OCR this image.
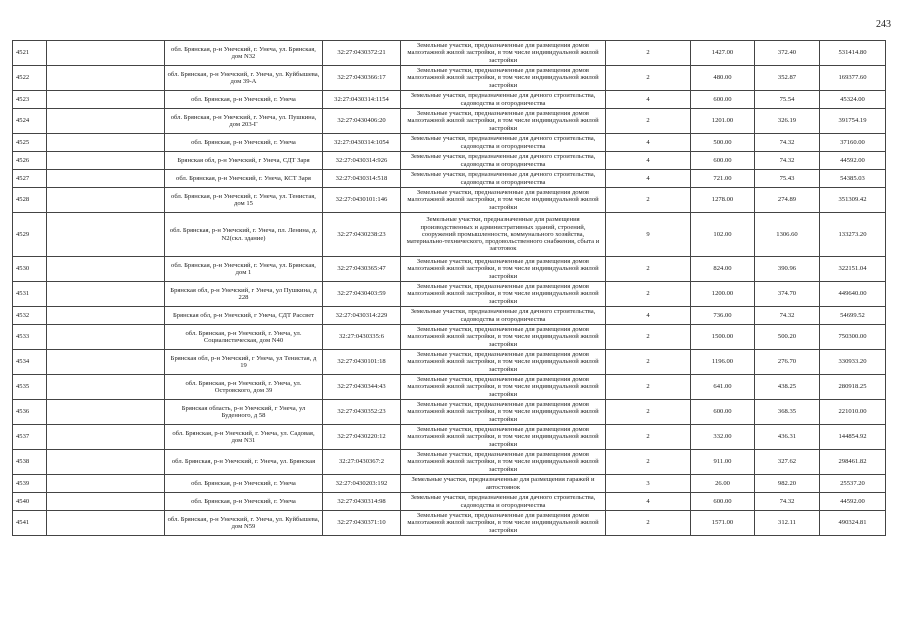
243
4521		обл. Брянская, р-н Унечский, г. Унеча, ул. Брянская, дом N32	32:27:0430372:21	Земельные участки, предназначенные для размещения домов малоэтажной жилой застройки, в том числе индивидуальной жилой застройки	2	1427.00	372.40	531414.80
4522		обл. Брянская, р-н Унечский, г. Унеча, ул. Куйбышева, дом 39-А	32:27:0430366:17	Земельные участки, предназначенные для размещения домов малоэтажной жилой застройки, в том числе индивидуальной жилой застройки	2	480.00	352.87	169377.60
4523		обл. Брянская, р-н Унечский, г. Унеча	32:27:0430314:1154	Земельные участки, предназначенные для дачного строительства, садоводства и огородничества	4	600.00	75.54	45324.00
4524		обл. Брянская, р-н Унечский, г. Унеча, ул. Пушкина, дом 203-Г	32:27:0430406:20	Земельные участки, предназначенные для размещения домов малоэтажной жилой застройки, в том числе индивидуальной жилой застройки	2	1201.00	326.19	391754.19
4525		обл. Брянская, р-н Унечский, г. Унеча	32:27:0430314:1054	Земельные участки, предназначенные для дачного строительства, садоводства и огородничества	4	500.00	74.32	37160.00
4526		Брянская обл, р-н Унечский, г Унеча, СДТ Заря	32:27:0430314:926	Земельные участки, предназначенные для дачного строительства, садоводства и огородничества	4	600.00	74.32	44592.00
4527		обл. Брянская, р-н Унечский, г. Унеча, КСТ Заря	32:27:0430314:518	Земельные участки, предназначенные для дачного строительства, садоводства и огородничества	4	721.00	75.43	54385.03
4528		обл. Брянская, р-н Унечский, г. Унеча, ул. Тенистая, дом 15	32:27:0430101:146	Земельные участки, предназначенные для размещения домов малоэтажной жилой застройки, в том числе индивидуальной жилой застройки	2	1278.00	274.89	351309.42
4529		обл. Брянская, р-н Унечский, г. Унеча, пл. Ленина, д. N2(скл. здание)	32:27:0430238:23	Земельные участки, предназначенные для размещения производственных и административных зданий, строений, сооружений промышленности, коммунального хозяйства, материально-технического, продовольственного снабжения, сбыта и заготовок	9	102.00	1306.60	133273.20
4530		обл. Брянская, р-н Унечский, г. Унеча, ул. Брянская, дом 1	32:27:0430365:47	Земельные участки, предназначенные для размещения домов малоэтажной жилой застройки, в том числе индивидуальной жилой застройки	2	824.00	390.96	322151.04
4531		Брянская обл, р-н Унечский, г Унеча, ул Пушкина, д 228	32:27:0430403:59	Земельные участки, предназначенные для размещения домов малоэтажной жилой застройки, в том числе индивидуальной жилой застройки	2	1200.00	374.70	449640.00
4532		Брянская обл, р-н Унечский, г Унеча, СДТ Рассвет	32:27:0430314:229	Земельные участки, предназначенные для дачного строительства, садоводства и огородничества	4	736.00	74.32	54699.52
4533		обл. Брянская, р-н Унечский, г. Унеча, ул. Социалистическая, дом N40	32:27:0430335:6	Земельные участки, предназначенные для размещения домов малоэтажной жилой застройки, в том числе индивидуальной жилой застройки	2	1500.00	500.20	750300.00
4534		Брянская обл, р-н Унечский, г Унеча, ул Тенистая, д 19	32:27:0430101:18	Земельные участки, предназначенные для размещения домов малоэтажной жилой застройки, в том числе индивидуальной жилой застройки	2	1196.00	276.70	330933.20
4535		обл. Брянская, р-н Унечский, г. Унеча, ул. Островского, дом 39	32:27:0430344:43	Земельные участки, предназначенные для размещения домов малоэтажной жилой застройки, в том числе индивидуальной жилой застройки	2	641.00	438.25	280918.25
4536		Брянская область, р-н Унечский, г Унеча, ул Буденного, д 58	32:27:0430352:23	Земельные участки, предназначенные для размещения домов малоэтажной жилой застройки, в том числе индивидуальной жилой застройки	2	600.00	368.35	221010.00
4537		обл. Брянская, р-н Унечский, г. Унеча, ул. Садовая, дом N31	32:27:0430220:12	Земельные участки, предназначенные для размещения домов малоэтажной жилой застройки, в том числе индивидуальной жилой застройки	2	332.00	436.31	144854.92
4538		обл. Брянская, р-н Унечский, г. Унеча, ул. Брянская	32:27:0430367:2	Земельные участки, предназначенные для размещения домов малоэтажной жилой застройки, в том числе индивидуальной жилой застройки	2	911.00	327.62	298461.82
4539		обл. Брянская, р-н Унечский, г. Унеча	32:27:0430203:192	Земельные участки, предназначенные для размещения гаражей и автостоянок	3	26.00	982.20	25537.20
4540		обл. Брянская, р-н Унечский, г. Унеча	32:27:0430314:98	Земельные участки, предназначенные для дачного строительства, садоводства и огородничества	4	600.00	74.32	44592.00
4541		обл. Брянская, р-н Унечский, г. Унеча, ул. Куйбышева, дом N59	32:27:0430371:10	Земельные участки, предназначенные для размещения домов малоэтажной жилой застройки, в том числе индивидуальной жилой застройки	2	1571.00	312.11	490324.81
